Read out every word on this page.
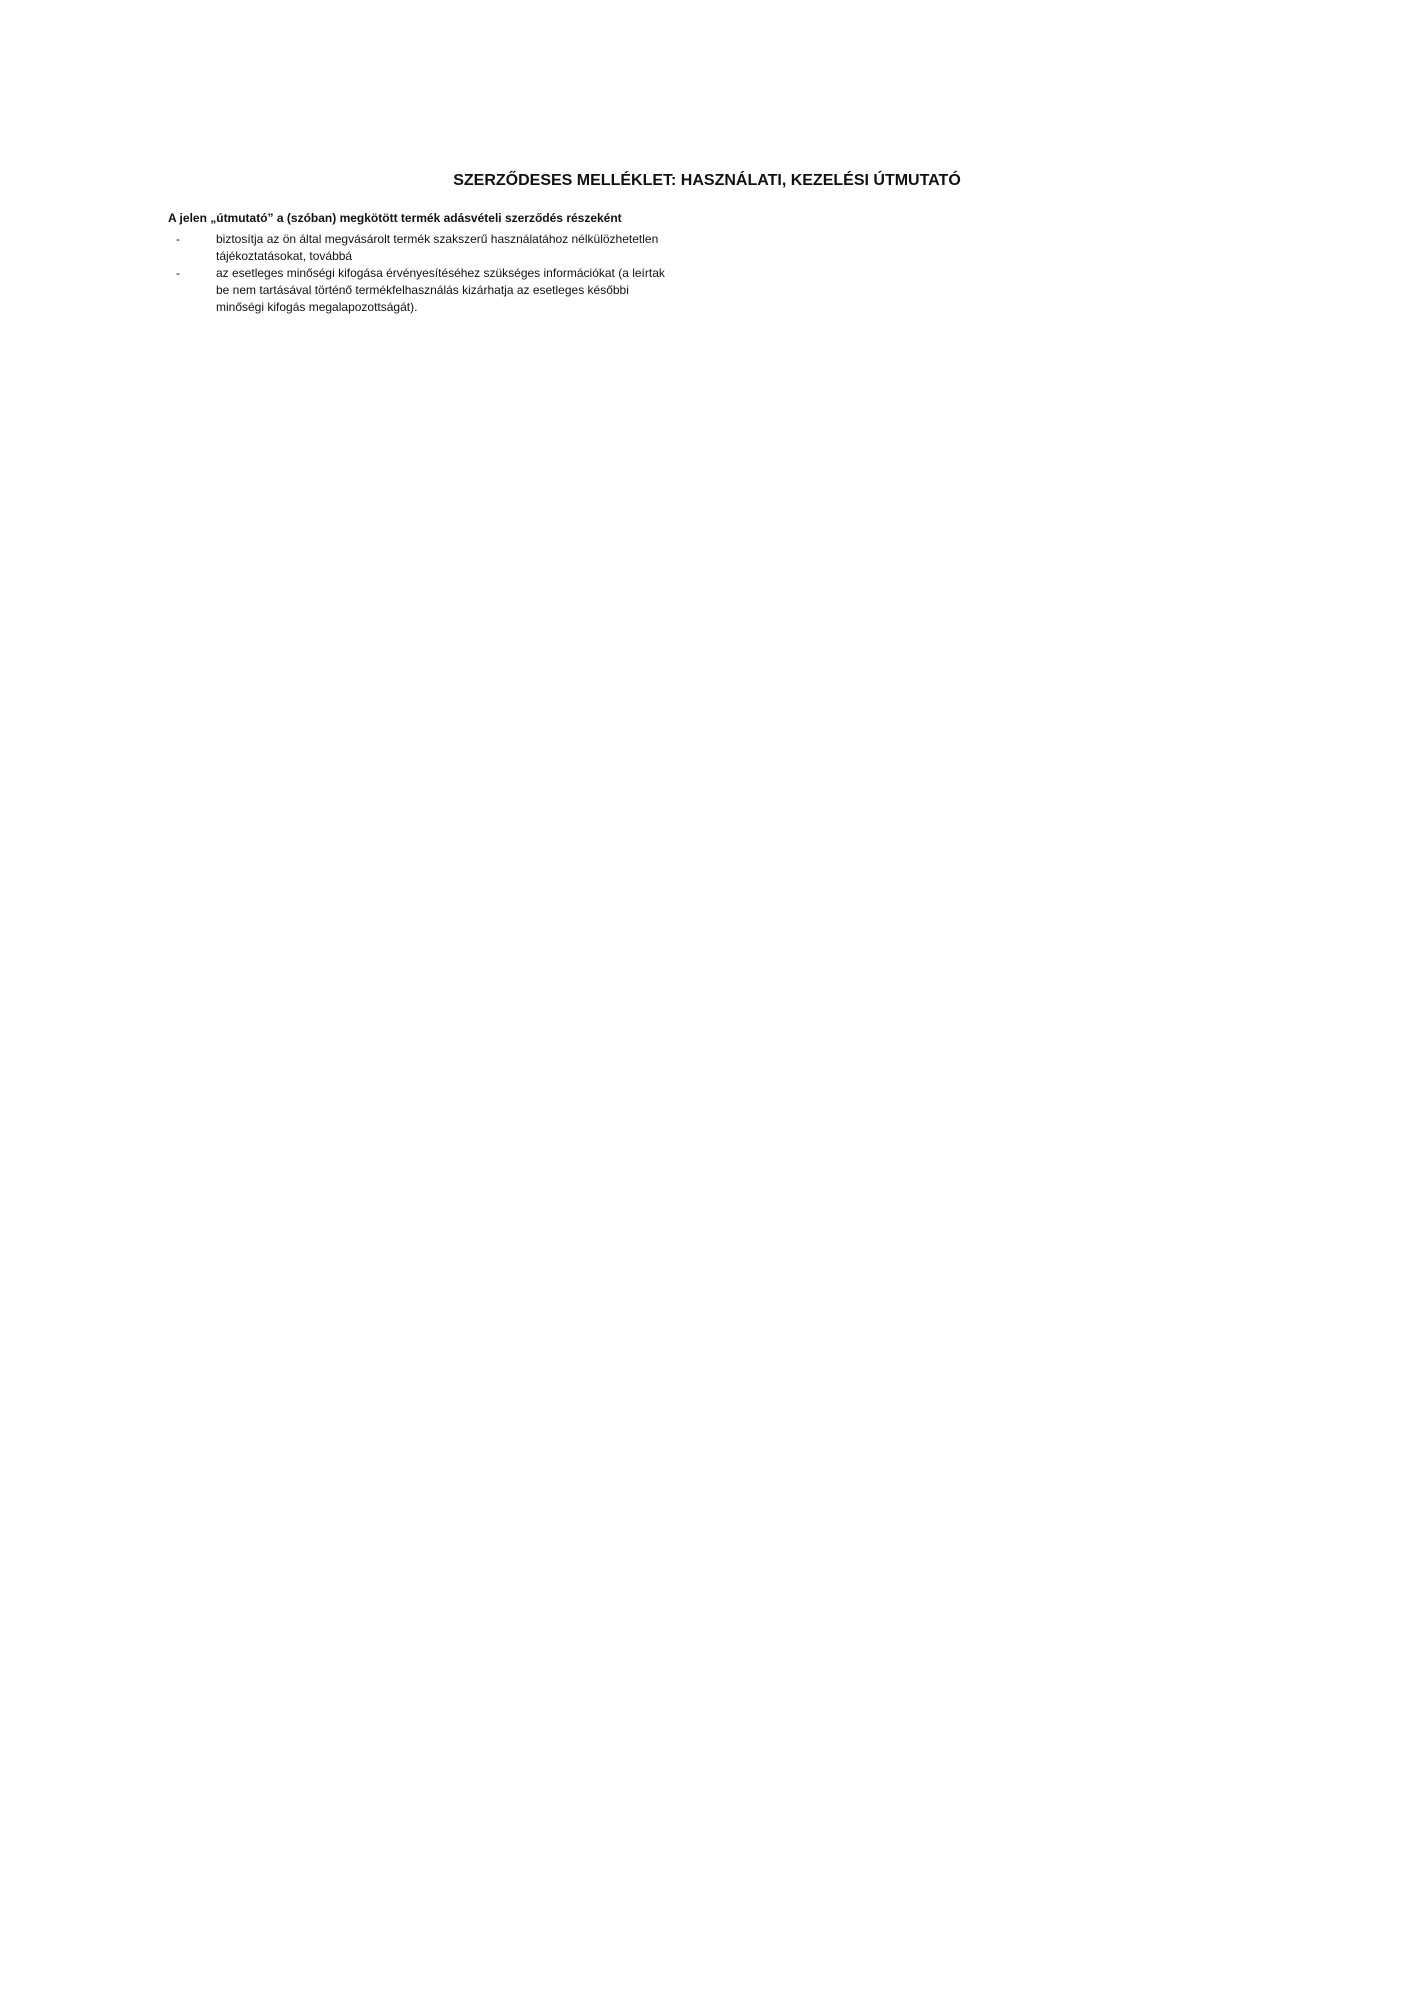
SZERZŐDESES MELLÉKLET: HASZNÁLATI, KEZELÉSI ÚTMUTATÓ
A jelen „útmutató” a (szóban) megkötött termék adásvételi szerződés részeként
- biztosítja az ön által megvásárolt termék szakszerű használatához nélkülözhetetlen tájékoztatásokat, továbbá
- az esetleges minőségi kifogása érvényesítéséhez szükséges információkat (a leírtak be nem tartásával történő termékfelhasználás kizárhatja az esetleges későbbi minőségi kifogás megalapozottságát).
